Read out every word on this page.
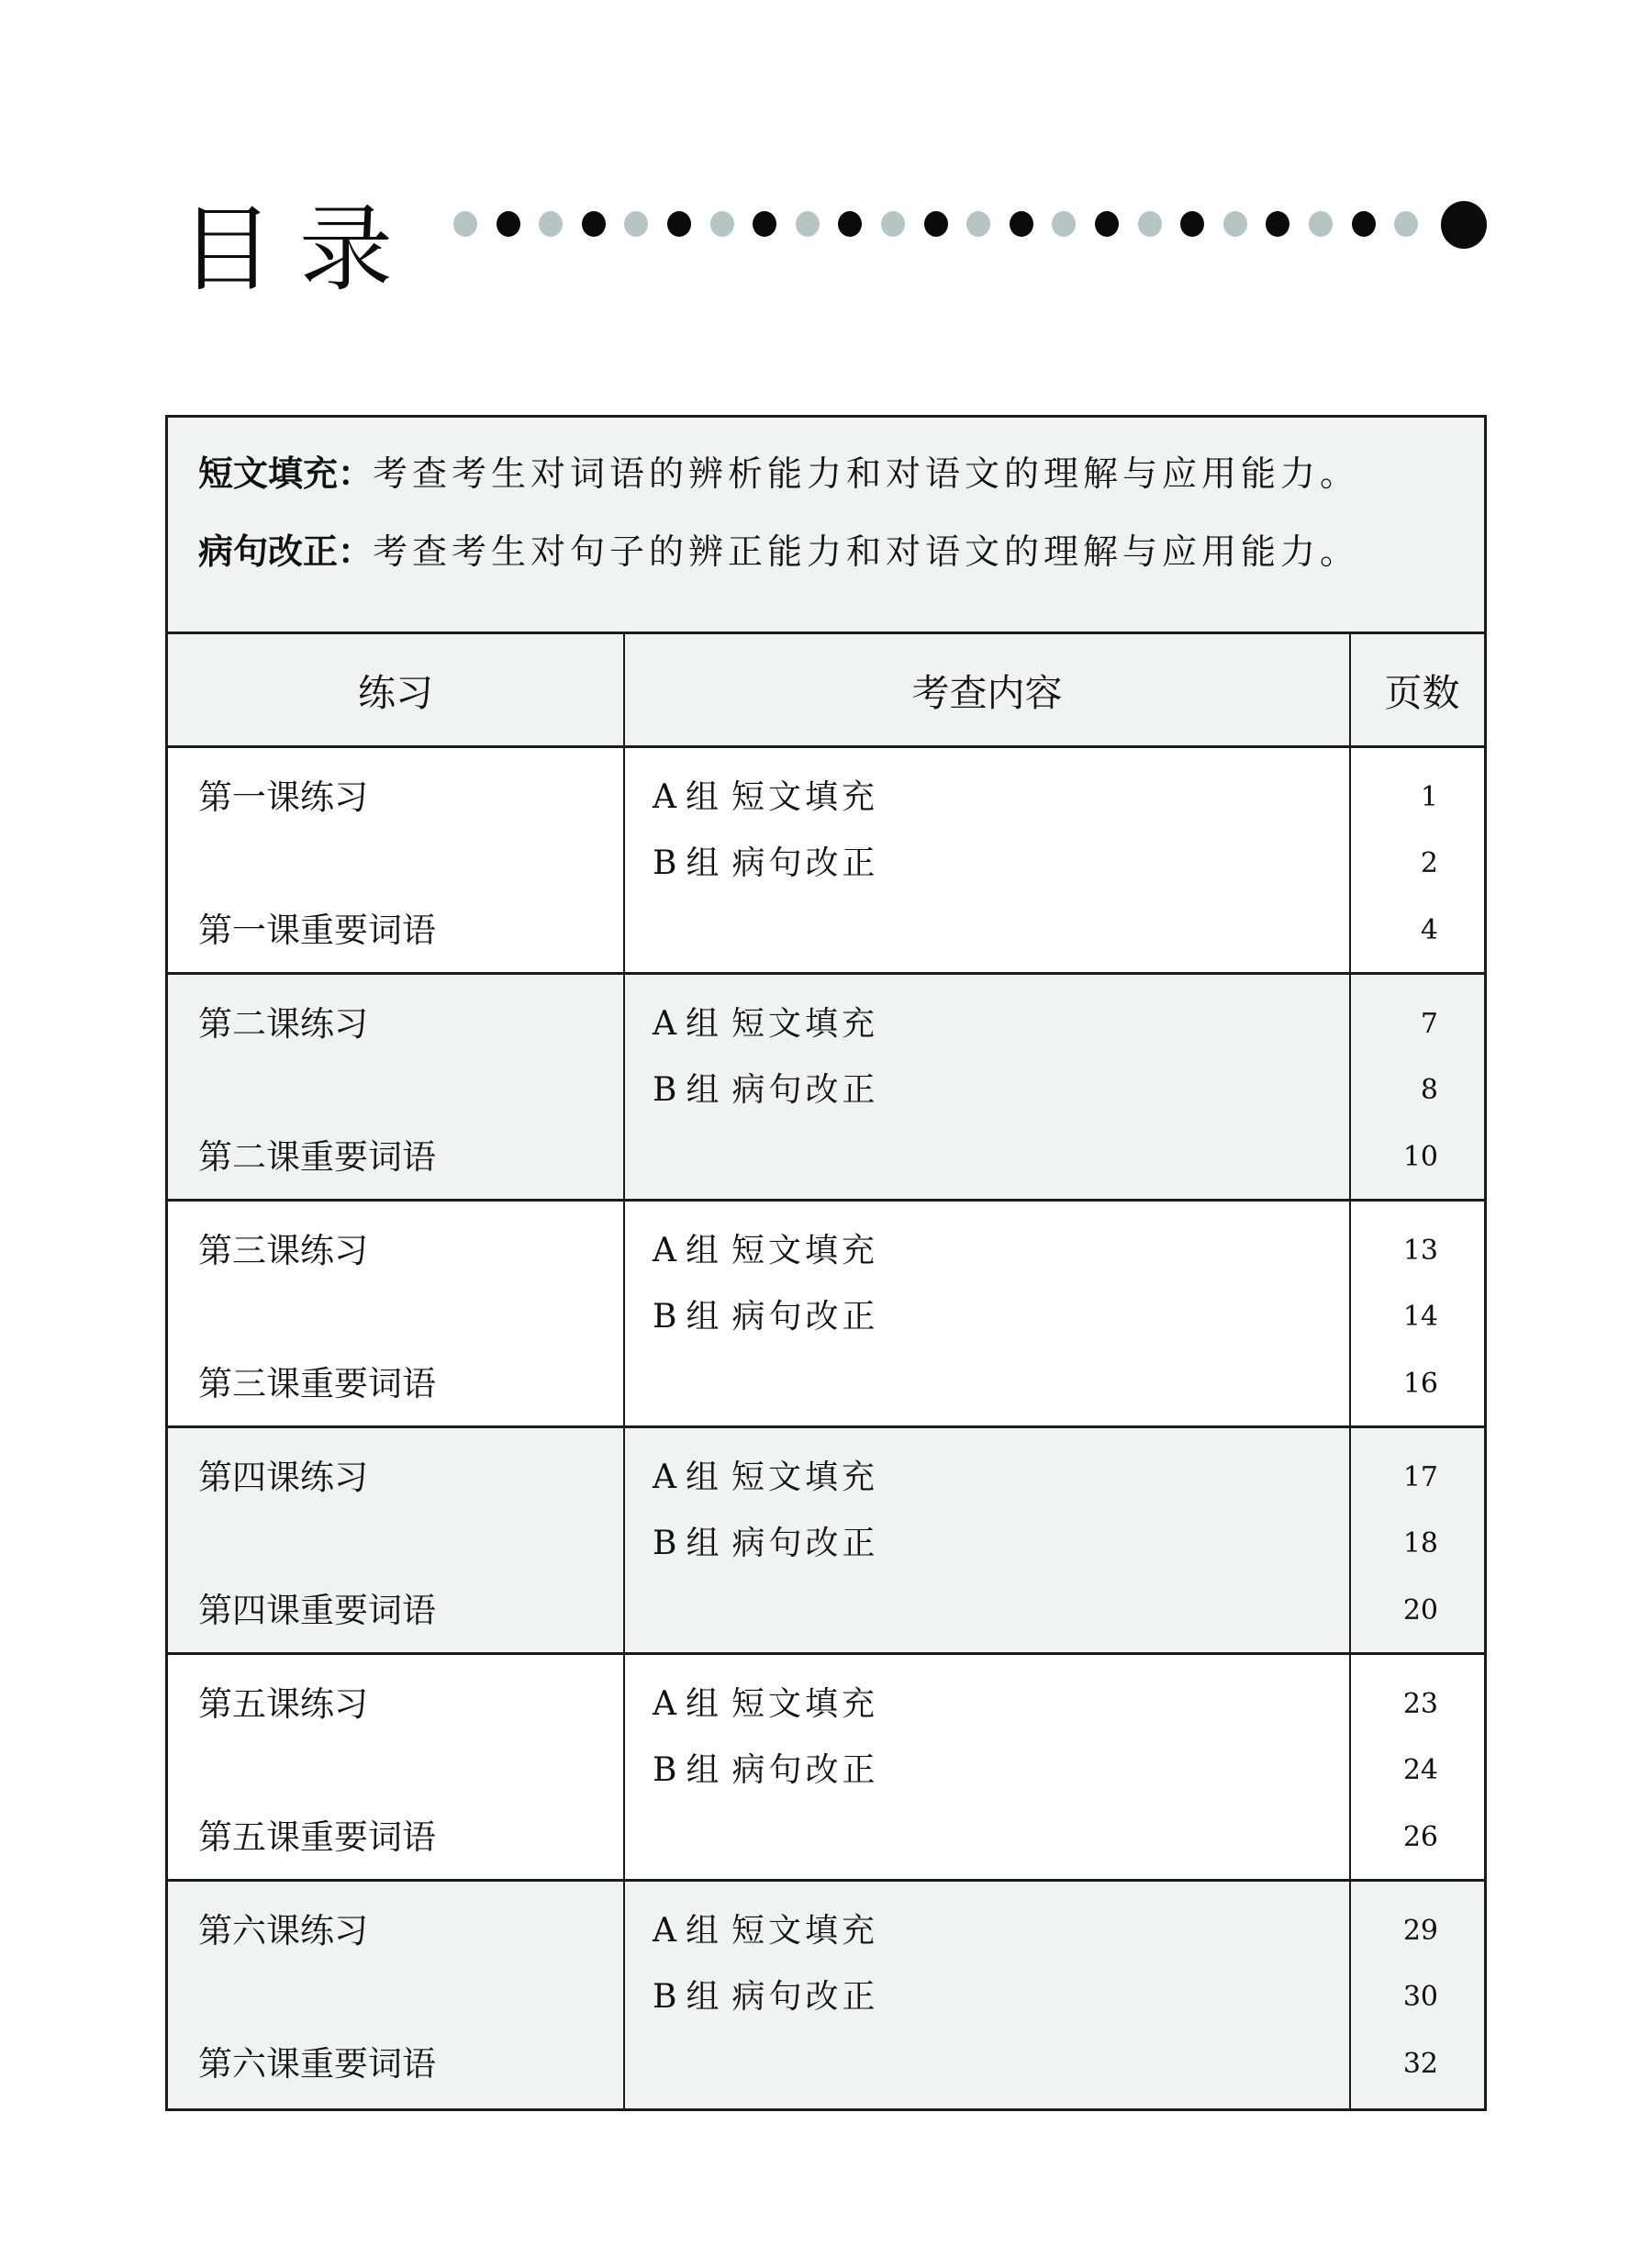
目录
短文填充：考查考生对词语的辨析能力和对语文的理解与应用能力。
病句改正：考查考生对句子的辨正能力和对语文的理解与应用能力。
练习	考查内容	页数
第一课练习
第一课重要词语
A 组 短文填充
B 组 病句改正
1
2
4
第二课练习
第二课重要词语
A 组 短文填充
B 组 病句改正
7
8
10
第三课练习
第三课重要词语
A 组 短文填充
B 组 病句改正
13
14
16
第四课练习
第四课重要词语
A 组 短文填充
B 组 病句改正
17
18
20
第五课练习
第五课重要词语
A 组 短文填充
B 组 病句改正
23
24
26
第六课练习
第六课重要词语
A 组 短文填充
B 组 病句改正
29
30
32
